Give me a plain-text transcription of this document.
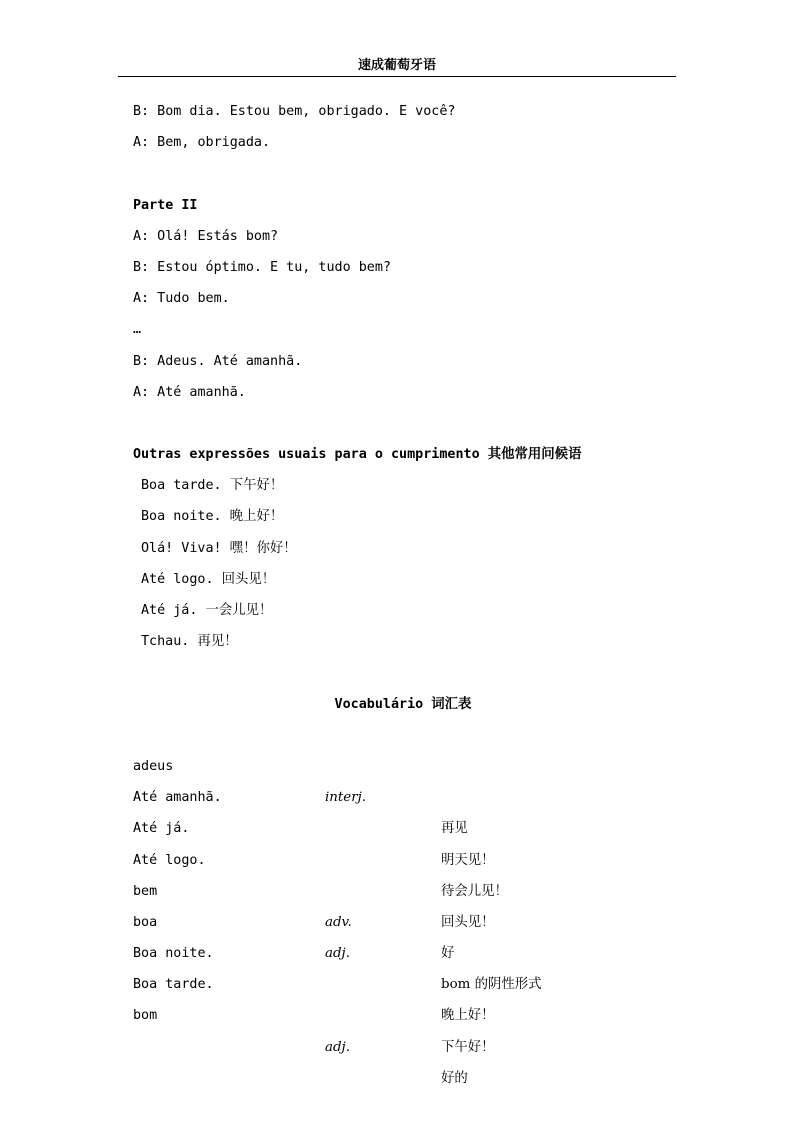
速成葡萄牙语
B: Bom dia. Estou bem, obrigado. E você?
A: Bem, obrigada.
Parte II
A: Olá! Estás bom?
B: Estou óptimo. E tu, tudo bem?
A: Tudo bem.
…
B: Adeus. Até amanhã.
A: Até amanhã.
Outras expressões usuais para o cumprimento 其他常用问候语
Boa tarde. 下午好！
Boa noite. 晚上好！
Olá! Viva! 嘿！你好！
Até logo. 回头见！
Até já. 一会儿见！
Tchau. 再见！
Vocabulário 词汇表

adeus

interj.

再见

Até amanhã.

明天见！

Até já.

待会儿见！

Até logo.

回头见！

bem

adv.

好

boa

adj.

bom 的阴性形式

Boa noite.

晚上好！

Boa tarde.

下午好！

bom

adj.

好的
